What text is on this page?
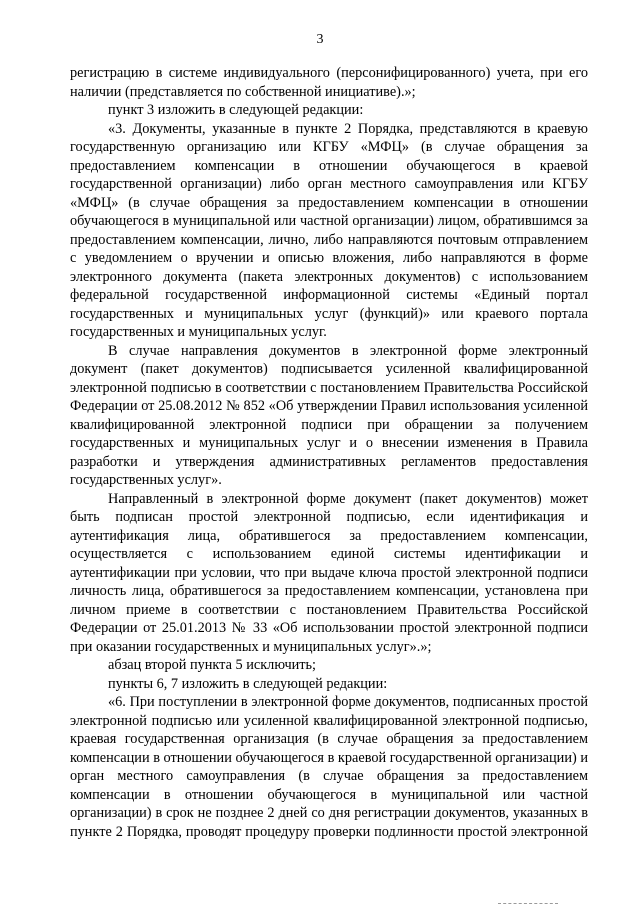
3

регистрацию в системе индивидуального (персонифицированного) учета, при его наличии (представляется по собственной инициативе).»;

пункт 3 изложить в следующей редакции:

«3. Документы, указанные в пункте 2 Порядка, представляются в краевую государственную организацию или КГБУ «МФЦ» (в случае обращения за предоставлением компенсации в отношении обучающегося в краевой государственной организации) либо орган местного самоуправления или КГБУ «МФЦ» (в случае обращения за предоставлением компенсации в отношении обучающегося в муниципальной или частной организации) лицом, обратившимся за предоставлением компенсации, лично, либо направляются почтовым отправлением с уведомлением о вручении и описью вложения, либо направляются в форме электронного документа (пакета электронных документов) с использованием федеральной государственной информационной системы «Единый портал государственных и муниципальных услуг (функций)» или краевого портала государственных и муниципальных услуг.

В случае направления документов в электронной форме электронный документ (пакет документов) подписывается усиленной квалифицированной электронной подписью в соответствии с постановлением Правительства Российской Федерации от 25.08.2012 № 852 «Об утверждении Правил использования усиленной квалифицированной электронной подписи при обращении за получением государственных и муниципальных услуг и о внесении изменения в Правила разработки и утверждения административных регламентов предоставления государственных услуг».

Направленный в электронной форме документ (пакет документов) может быть подписан простой электронной подписью, если идентификация и аутентификация лица, обратившегося за предоставлением компенсации, осуществляется с использованием единой системы идентификации и аутентификации при условии, что при выдаче ключа простой электронной подписи личность лица, обратившегося за предоставлением компенсации, установлена при личном приеме в соответствии с постановлением Правительства Российской Федерации от 25.01.2013 № 33 «Об использовании простой электронной подписи при оказании государственных и муниципальных услуг».»;

абзац второй пункта 5 исключить;

пункты 6, 7 изложить в следующей редакции:

«6. При поступлении в электронной форме документов, подписанных простой электронной подписью или усиленной квалифицированной электронной подписью, краевая государственная организация (в случае обращения за предоставлением компенсации в отношении обучающегося в краевой государственной организации) и орган местного самоуправления (в случае обращения за предоставлением компенсации в отношении обучающегося в муниципальной или частной организации) в срок не позднее 2 дней со дня регистрации документов, указанных в пункте 2 Порядка, проводят процедуру проверки подлинности простой электронной
